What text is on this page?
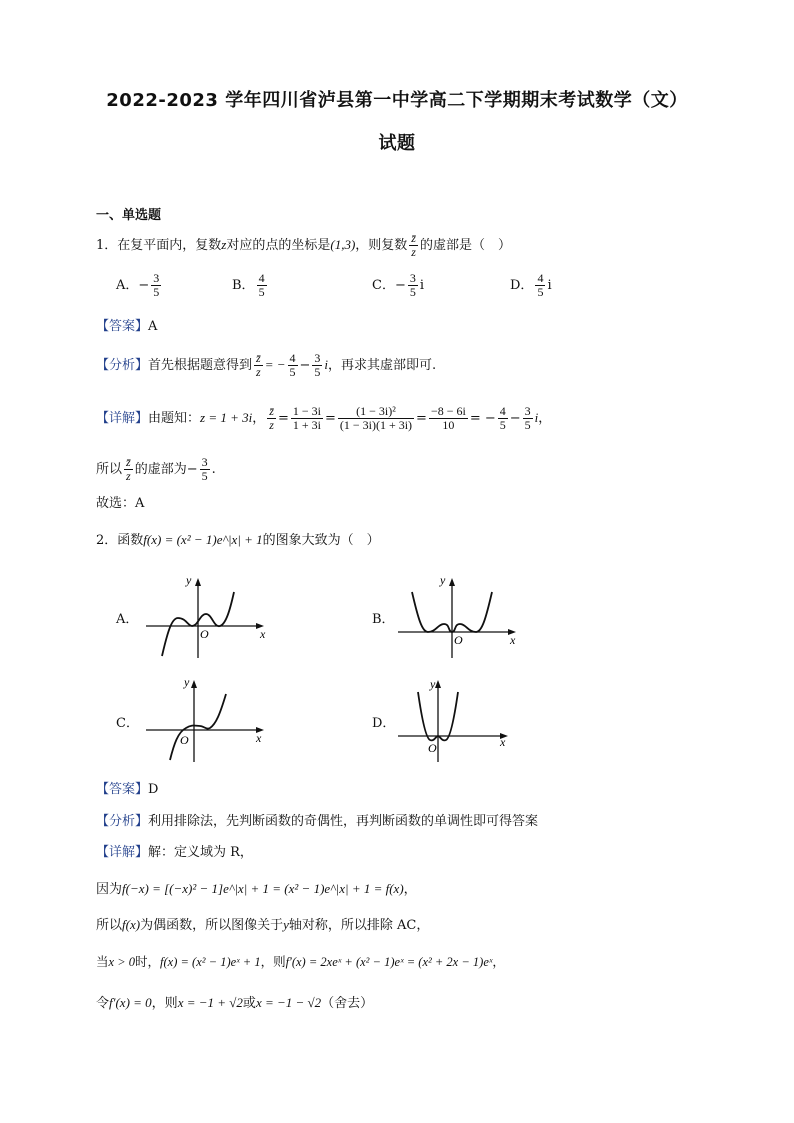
2022-2023 学年四川省泸县第一中学高二下学期期末考试数学（文）
试题
一、单选题
1．在复平面内，复数z对应的点的坐标是(1,3)，则复数 $\frac{z̄}{z}$ 的虚部是（　）
A．− $\frac{3}{5}$	B． $\frac{4}{5}$	C．− $\frac{3}{5}$ i	D． $\frac{4}{5}$ i
【答案】A
【分析】首先根据题意得到 $\frac{z̄}{z}$ = − $\frac{4}{5} - \frac{3}{5}$ i，再求其虚部即可.
【详解】由题知：z = 1 + 3i， $\frac{z̄}{z} = \frac{1 - 3i}{1 + 3i} = \frac{\text{(1 − 3i)²}}{(1 - 3i)(1 + 3i)} = \frac{-8 - 6i}{10}$ = − $\frac{4}{5} - \frac{3}{5}$ i，
所以 $\frac{z̄}{z}$ 的虚部为− $\frac{3}{5}$ .
故选：A
2．函数f(x) = (x² − 1)e^|x| + 1的图象大致为（　）
A．	B．
C．	D．
x
y
O	x
y
O
x
y
O	x
y
O
【答案】D
【分析】利用排除法，先判断函数的奇偶性，再判断函数的单调性即可得答案
【详解】解：定义域为 R，
因为f(−x) = [(−x)² − 1]e^|x| + 1 = (x² − 1)e^|x| + 1 = f(x)，
所以f(x)为偶函数，所以图像关于y轴对称，所以排除 AC，
当x > 0时，f(x) = (x² − 1)eˣ + 1，则f′(x) = 2xeˣ + (x² − 1)eˣ = (x² + 2x − 1)eˣ，
令f′(x) = 0，则x = −1 + √2或x = −1 − √2（舍去）
